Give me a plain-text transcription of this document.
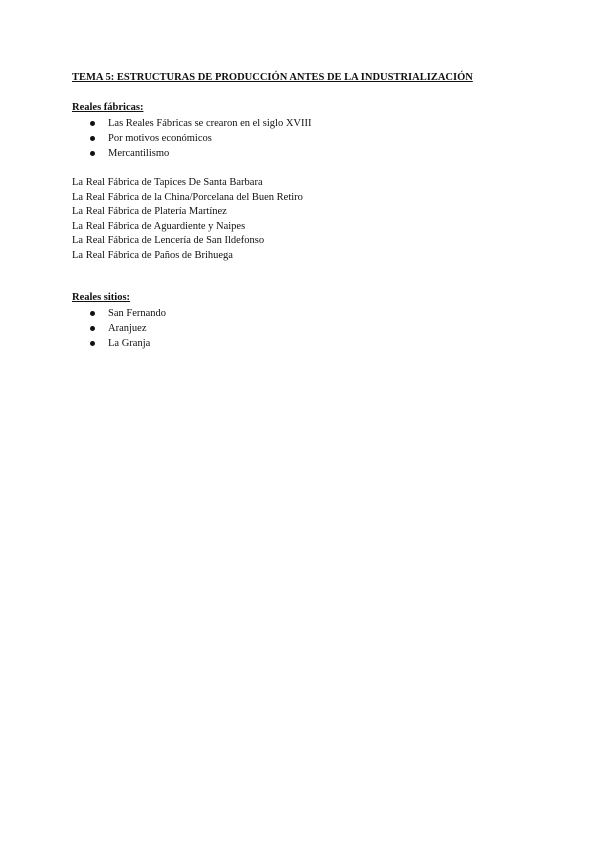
TEMA 5: ESTRUCTURAS DE PRODUCCIÓN ANTES DE LA INDUSTRIALIZACIÓN
Reales fábricas:
Las Reales Fábricas se crearon en el siglo XVIII
Por motivos económicos
Mercantilismo
La Real Fábrica de Tapices De Santa Barbara
La Real Fábrica de la China/Porcelana del Buen Retiro
La Real Fábrica de Platería Martínez
La Real Fábrica de Aguardiente y Naipes
La Real Fábrica de Lencería de San Ildefonso
La Real Fábrica de Paños de Brihuega
Reales sitios:
San Fernando
Aranjuez
La Granja
